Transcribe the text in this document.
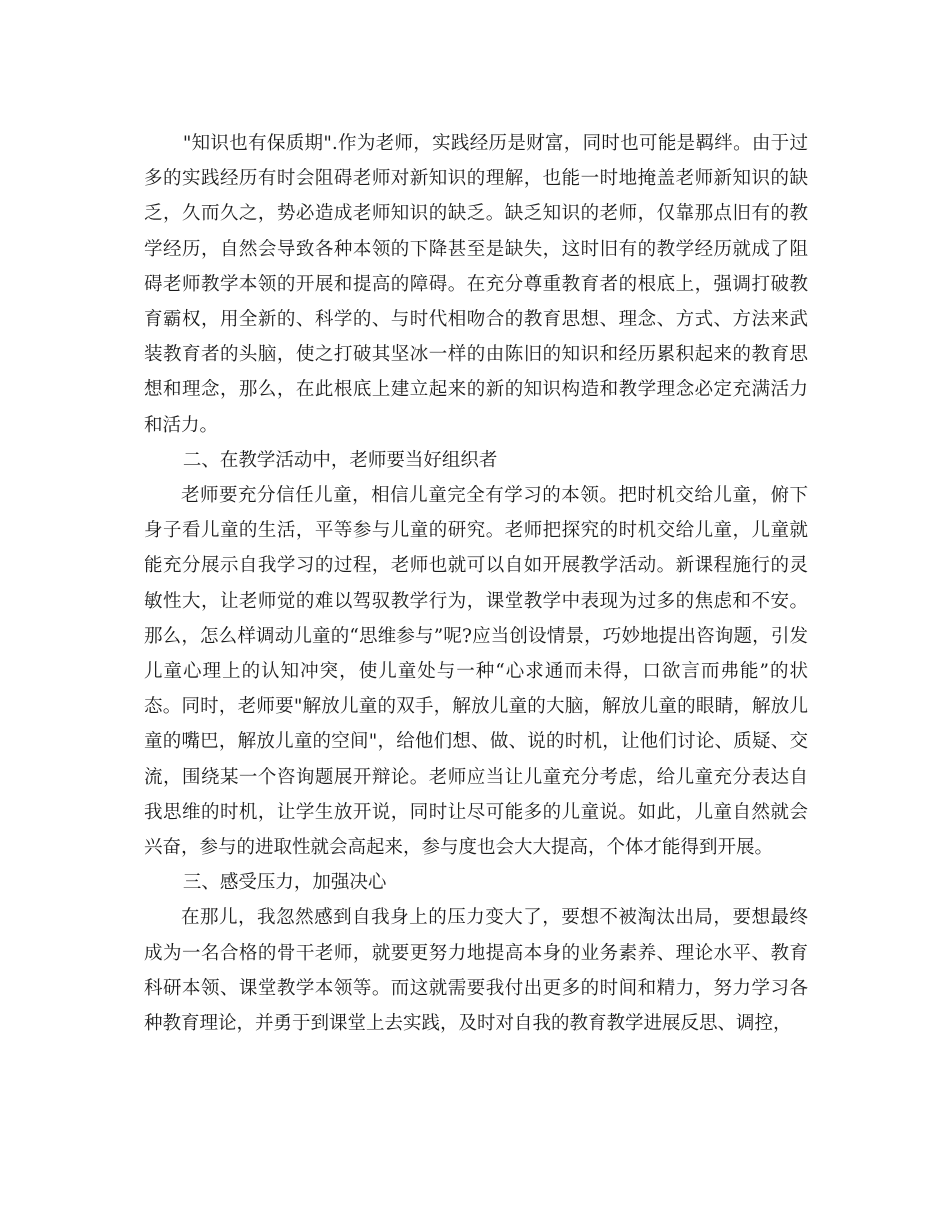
"知识也有保质期".作为老师，实践经历是财富，同时也可能是羁绊。由于过多的实践经历有时会阻碍老师对新知识的理解，也能一时地掩盖老师新知识的缺乏，久而久之，势必造成老师知识的缺乏。缺乏知识的老师，仅靠那点旧有的教学经历，自然会导致各种本领的下降甚至是缺失，这时旧有的教学经历就成了阻碍老师教学本领的开展和提高的障碍。在充分尊重教育者的根底上，强调打破教育霸权，用全新的、科学的、与时代相吻合的教育思想、理念、方式、方法来武装教育者的头脑，使之打破其坚冰一样的由陈旧的知识和经历累积起来的教育思想和理念，那么，在此根底上建立起来的新的知识构造和教学理念必定充满活力和活力。

二、在教学活动中，老师要当好组织者

老师要充分信任儿童，相信儿童完全有学习的本领。把时机交给儿童，俯下身子看儿童的生活，平等参与儿童的研究。老师把探究的时机交给儿童，儿童就能充分展示自我学习的过程，老师也就可以自如开展教学活动。新课程施行的灵敏性大，让老师觉的难以驾驭教学行为，课堂教学中表现为过多的焦虑和不安。那么，怎么样调动儿童的“思维参与”呢?应当创设情景，巧妙地提出咨询题，引发儿童心理上的认知冲突，使儿童处与一种“心求通而未得，口欲言而弗能”的状态。同时，老师要"解放儿童的双手，解放儿童的大脑，解放儿童的眼睛，解放儿童的嘴巴，解放儿童的空间"，给他们想、做、说的时机，让他们讨论、质疑、交流，围绕某一个咨询题展开辩论。老师应当让儿童充分考虑，给儿童充分表达自我思维的时机，让学生放开说，同时让尽可能多的儿童说。如此，儿童自然就会兴奋，参与的进取性就会高起来，参与度也会大大提高，个体才能得到开展。

三、感受压力，加强决心

在那儿，我忽然感到自我身上的压力变大了，要想不被淘汰出局，要想最终成为一名合格的骨干老师，就要更努力地提高本身的业务素养、理论水平、教育科研本领、课堂教学本领等。而这就需要我付出更多的时间和精力，努力学习各种教育理论，并勇于到课堂上去实践，及时对自我的教育教学进展反思、调控，
